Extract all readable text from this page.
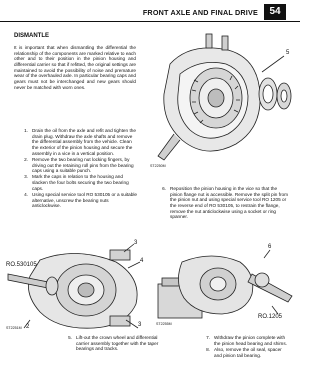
FRONT AXLE AND FINAL DRIVE	54
DISMANTLE

It is important that when dismantling the differential the relationship of the components are marked relative to each other and to their position in the pinion housing and differential carrier so that if refitted, the original settings are maintained to avoid the possibility of noise and premature wear of the overhauled axle. In particular bearing caps and gears must not be interchanged and new gears should never be matched with worn ones.

1. Drain the oil from the axle and refit and tighten the drain plug. Withdraw the axle shafts and remove the differential assembly from the vehicle. Clean the exterior of the pinion housing and secure the assembly in a vice in a vertical position.
2. Remove the two bearing nut locking fingers, by driving out the retaining roll pins from the bearing caps using a suitable punch.
3. Mark the caps in relation to the housing and slacken the four bolts securing the two bearing caps.
4. Using special service tool RO 530105 or a suitable alternative, unscrew the bearing nuts anticlockwise.
6. Reposition the pinion housing in the vice so that the pinion flange nut is accessible. Remove the split pin from the pinion nut and using special service tool RO 1205 or the reverse end of RO 530105, to restrain the flange, remove the nut anticlockwise using a socket or ring spanner.
5. Lift-out the crown wheel and differential carrier assembly together with the taper bearings and tracks.
7. Withdraw the pinion complete with the pinion head bearing and shims.
8. Also, remove the oil seal, spacer and pinion tail bearing.
ST2250M
5
RO.530105
3
4
3
2
ST2251M
6
RO.1205
ST2255M
